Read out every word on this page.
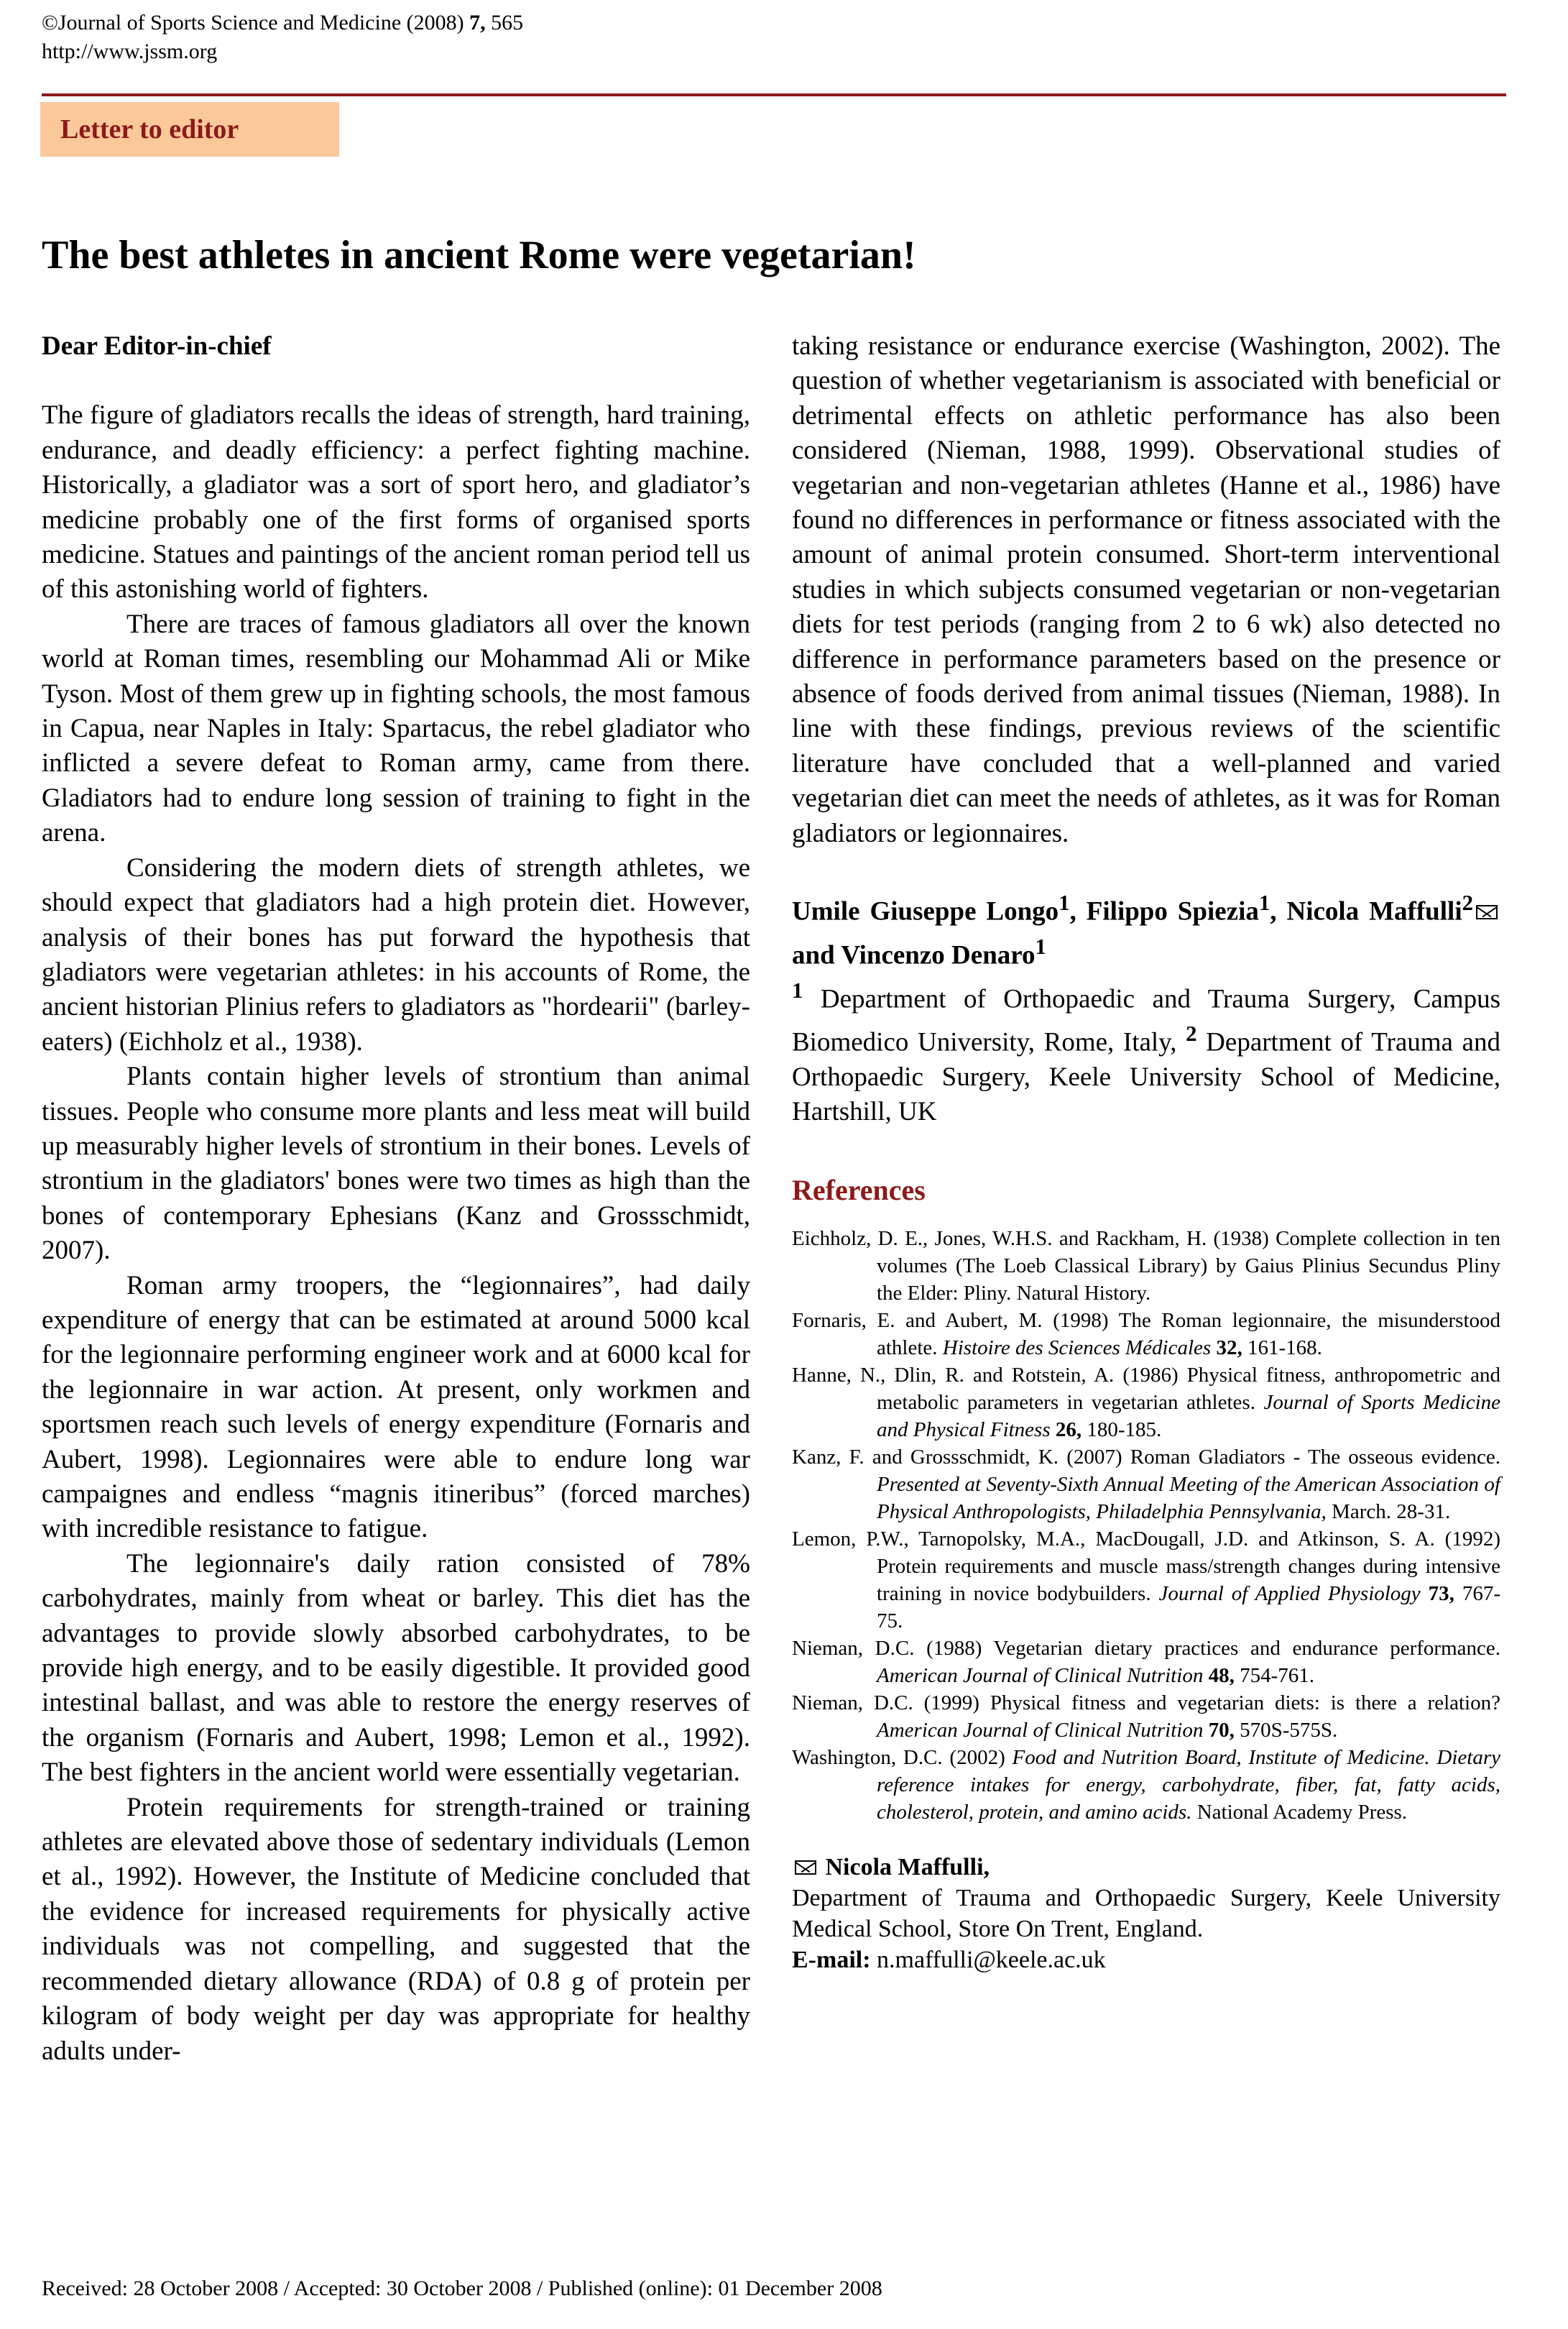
©Journal of Sports Science and Medicine (2008) 7, 565
http://www.jssm.org
Letter to editor
The best athletes in ancient Rome were vegetarian!

Dear Editor-in-chief

The figure of gladiators recalls the ideas of strength, hard training, endurance, and deadly efficiency: a perfect fighting machine. Historically, a gladiator was a sort of sport hero, and gladiator’s medicine probably one of the first forms of organised sports medicine. Statues and paintings of the ancient roman period tell us of this astonishing world of fighters.

There are traces of famous gladiators all over the known world at Roman times, resembling our Mohammad Ali or Mike Tyson. Most of them grew up in fighting schools, the most famous in Capua, near Naples in Italy: Spartacus, the rebel gladiator who inflicted a severe defeat to Roman army, came from there. Gladiators had to endure long session of training to fight in the arena.

Considering the modern diets of strength athletes, we should expect that gladiators had a high protein diet. However, analysis of their bones has put forward the hypothesis that gladiators were vegetarian athletes: in his accounts of Rome, the ancient historian Plinius refers to gladiators as "hordearii" (barley-eaters) (Eichholz et al., 1938).

Plants contain higher levels of strontium than animal tissues. People who consume more plants and less meat will build up measurably higher levels of strontium in their bones. Levels of strontium in the gladiators' bones were two times as high than the bones of contemporary Ephesians (Kanz and Grossschmidt, 2007).

Roman army troopers, the “legionnaires”, had daily expenditure of energy that can be estimated at around 5000 kcal for the legionnaire performing engineer work and at 6000 kcal for the legionnaire in war action. At present, only workmen and sportsmen reach such levels of energy expenditure (Fornaris and Aubert, 1998). Legionnaires were able to endure long war campaignes and endless “magnis itineribus” (forced marches) with incredible resistance to fatigue.

The legionnaire's daily ration consisted of 78% carbohydrates, mainly from wheat or barley. This diet has the advantages to provide slowly absorbed carbohydrates, to be provide high energy, and to be easily digestible. It provided good intestinal ballast, and was able to restore the energy reserves of the organism (Fornaris and Aubert, 1998; Lemon et al., 1992). The best fighters in the ancient world were essentially vegetarian.

Protein requirements for strength-trained or training athletes are elevated above those of sedentary individuals (Lemon et al., 1992). However, the Institute of Medicine concluded that the evidence for increased requirements for physically active individuals was not compelling, and suggested that the recommended dietary allowance (RDA) of 0.8 g of protein per kilogram of body weight per day was appropriate for healthy adults under-

taking resistance or endurance exercise (Washington, 2002). The question of whether vegetarianism is associated with beneficial or detrimental effects on athletic performance has also been considered (Nieman, 1988, 1999). Observational studies of vegetarian and non-vegetarian athletes (Hanne et al., 1986) have found no differences in performance or fitness associated with the amount of animal protein consumed. Short-term interventional studies in which subjects consumed vegetarian or non-vegetarian diets for test periods (ranging from 2 to 6 wk) also detected no difference in performance parameters based on the presence or absence of foods derived from animal tissues (Nieman, 1988). In line with these findings, previous reviews of the scientific literature have concluded that a well-planned and varied vegetarian diet can meet the needs of athletes, as it was for Roman gladiators or legionnaires.

Umile Giuseppe Longo$^1$, Filippo Spiezia$^1$, Nicola Maffulli$^2$ and Vincenzo Denaro$^1$

$^1$ Department of Orthopaedic and Trauma Surgery, Campus Biomedico University, Rome, Italy, $^2$ Department of Trauma and Orthopaedic Surgery, Keele University School of Medicine, Hartshill, UK

References

Eichholz, D. E., Jones, W.H.S. and Rackham, H. (1938) Complete collection in ten volumes (The Loeb Classical Library) by Gaius Plinius Secundus Pliny the Elder: Pliny. Natural History.

Fornaris, E. and Aubert, M. (1998) The Roman legionnaire, the misunderstood athlete. Histoire des Sciences Médicales 32, 161-168.

Hanne, N., Dlin, R. and Rotstein, A. (1986) Physical fitness, anthropometric and metabolic parameters in vegetarian athletes. Journal of Sports Medicine and Physical Fitness 26, 180-185.

Kanz, F. and Grossschmidt, K. (2007) Roman Gladiators - The osseous evidence. Presented at Seventy-Sixth Annual Meeting of the American Association of Physical Anthropologists, Philadelphia Pennsylvania, March. 28-31.

Lemon, P.W., Tarnopolsky, M.A., MacDougall, J.D. and Atkinson, S. A. (1992) Protein requirements and muscle mass/strength changes during intensive training in novice bodybuilders. Journal of Applied Physiology 73, 767-75.

Nieman, D.C. (1988) Vegetarian dietary practices and endurance performance. American Journal of Clinical Nutrition 48, 754-761.

Nieman, D.C. (1999) Physical fitness and vegetarian diets: is there a relation? American Journal of Clinical Nutrition 70, 570S-575S.

Washington, D.C. (2002) Food and Nutrition Board, Institute of Medicine. Dietary reference intakes for energy, carbohydrate, fiber, fat, fatty acids, cholesterol, protein, and amino acids. National Academy Press.

Nicola Maffulli,
Department of Trauma and Orthopaedic Surgery, Keele University Medical School, Store On Trent, England.
E-mail: n.maffulli@keele.ac.uk
Received: 28 October 2008 / Accepted: 30 October 2008 / Published (online): 01 December 2008
